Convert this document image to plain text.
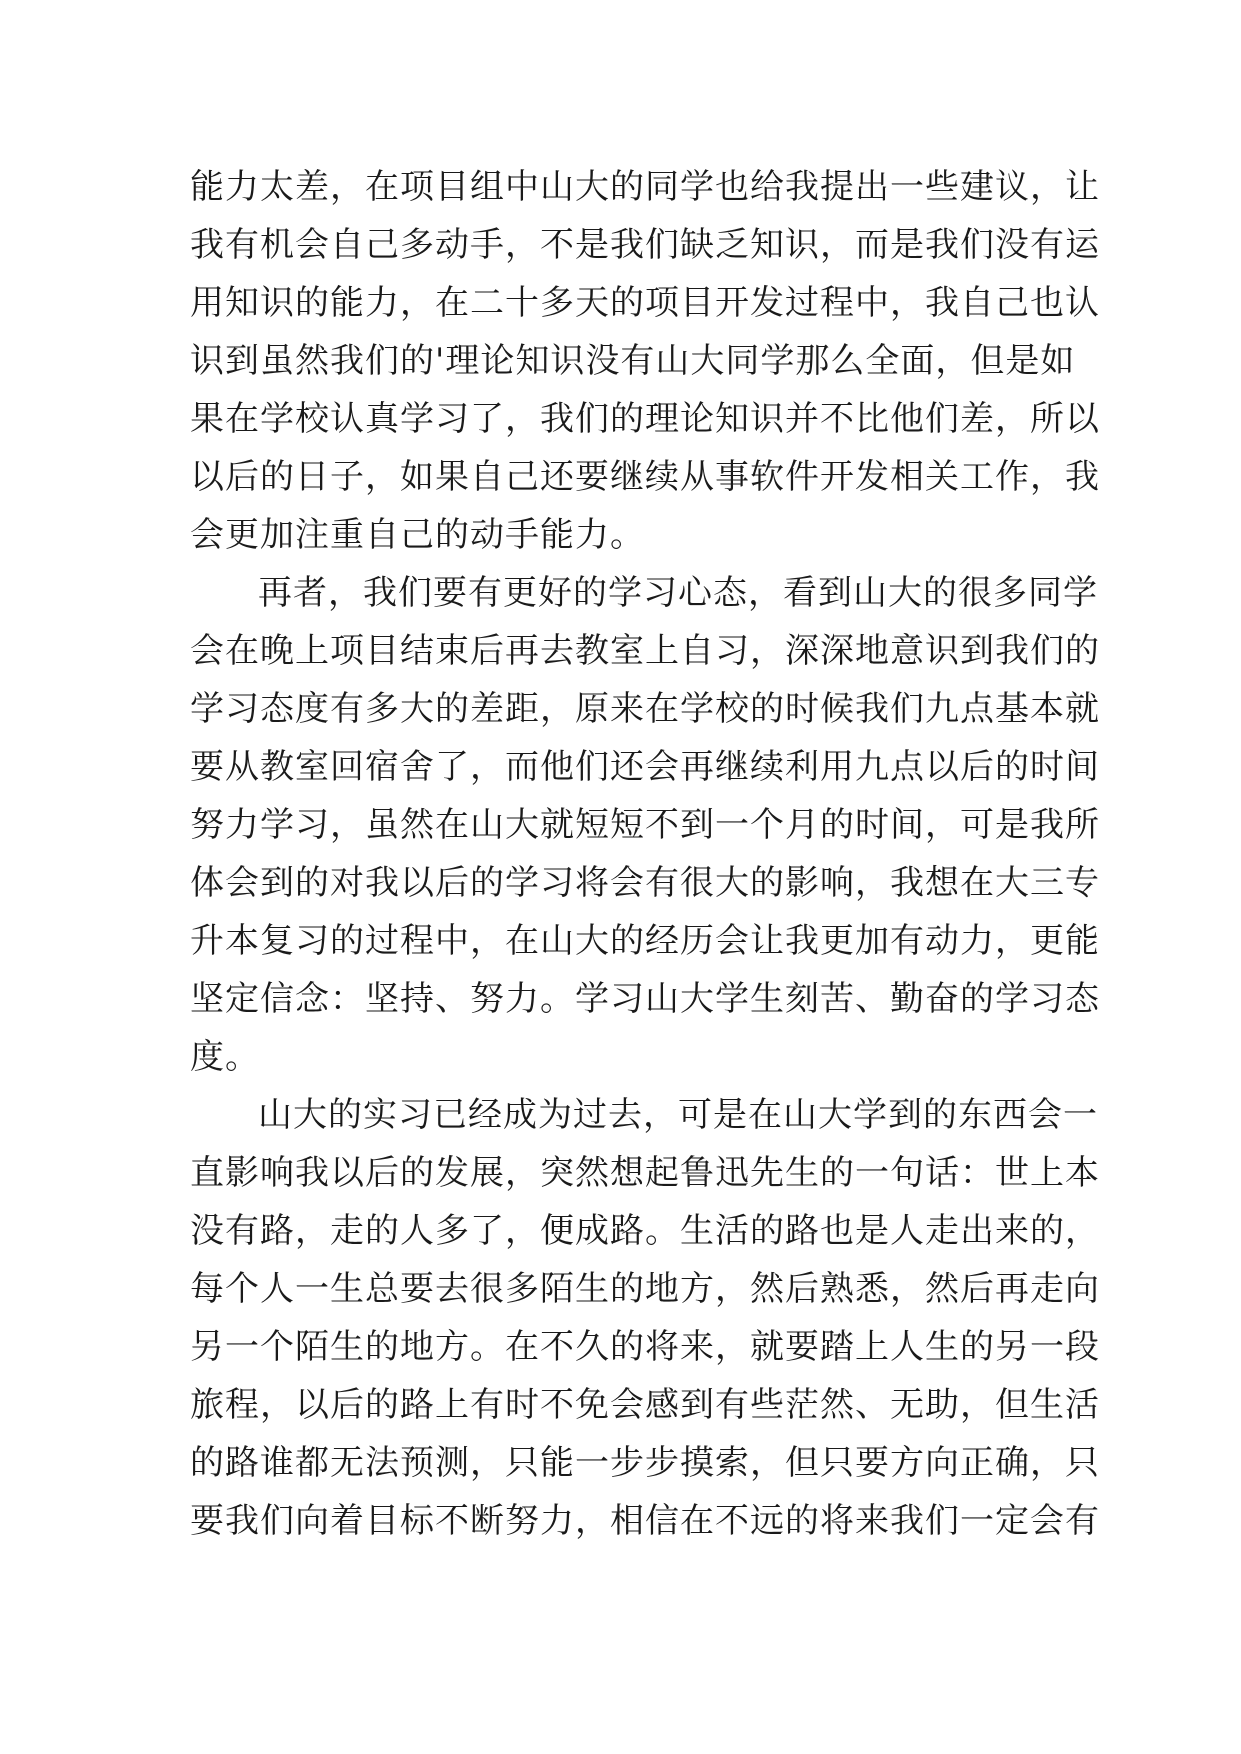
能力太差，在项目组中山大的同学也给我提出一些建议，让
我有机会自己多动手，不是我们缺乏知识，而是我们没有运
用知识的能力，在二十多天的项目开发过程中，我自己也认
识到虽然我们的'理论知识没有山大同学那么全面，但是如
果在学校认真学习了，我们的理论知识并不比他们差，所以
以后的日子，如果自己还要继续从事软件开发相关工作，我
会更加注重自己的动手能力。
再者，我们要有更好的学习心态，看到山大的很多同学
会在晚上项目结束后再去教室上自习，深深地意识到我们的
学习态度有多大的差距，原来在学校的时候我们九点基本就
要从教室回宿舍了，而他们还会再继续利用九点以后的时间
努力学习，虽然在山大就短短不到一个月的时间，可是我所
体会到的对我以后的学习将会有很大的影响，我想在大三专
升本复习的过程中，在山大的经历会让我更加有动力，更能
坚定信念：坚持、努力。学习山大学生刻苦、勤奋的学习态
度。
山大的实习已经成为过去，可是在山大学到的东西会一
直影响我以后的发展，突然想起鲁迅先生的一句话：世上本
没有路，走的人多了，便成路。生活的路也是人走出来的，
每个人一生总要去很多陌生的地方，然后熟悉，然后再走向
另一个陌生的地方。在不久的将来，就要踏上人生的另一段
旅程，以后的路上有时不免会感到有些茫然、无助，但生活
的路谁都无法预测，只能一步步摸索，但只要方向正确，只
要我们向着目标不断努力，相信在不远的将来我们一定会有
